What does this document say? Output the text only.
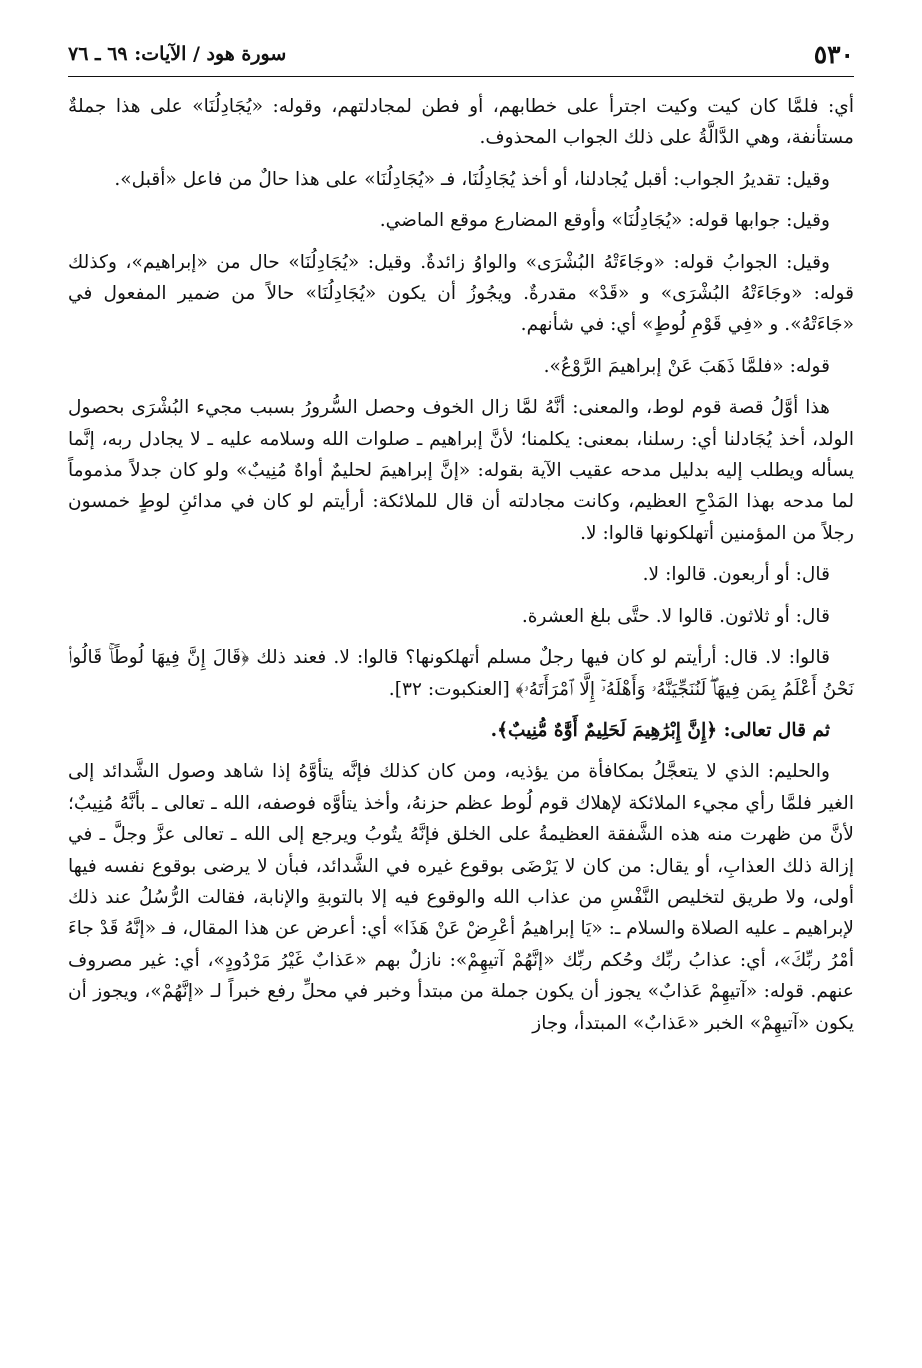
٥٣٠
سورة هود / الآيات: ٦٩ ـ ٧٦

أي: فلمَّا كان كيت وكيت اجترأ على خطابهم، أو فطن لمجادلتهم، وقوله: «يُجَادِلُنَا» على هذا جملةٌ مستأنفة، وهي الدَّالَّةُ على ذلك الجواب المحذوف.

وقيل: تقديرُ الجواب: أقبل يُجادلنا، أو أخذ يُجَادِلُنَا، فـ «يُجَادِلُنَا» على هذا حالٌ من فاعل «أقبل».

وقيل: جوابها قوله: «يُجَادِلُنَا» وأوقع المضارع موقع الماضي.

وقيل: الجوابُ قوله: «وجَاءَتْهُ البُشْرَى» والواوُ زائدةٌ. وقيل: «يُجَادِلُنَا» حال من «إبراهيم»، وكذلك قوله: «وجَاءَتْهُ البُشْرَى» و «قَدْ» مقدرةٌ. ويجُوزُ أن يكون «يُجَادِلُنَا» حالاً من ضمير المفعول في «جَاءَتْهُ». و «فِي قَوْمِ لُوطٍ» أي: في شأنهم.

قوله: «فلمَّا ذَهَبَ عَنْ إبراهيمَ الرَّوْعُ».

هذا أوَّلُ قصة قوم لوط، والمعنى: أنَّهُ لمَّا زال الخوف وحصل السُّرورُ بسبب مجيء البُشْرَى بحصول الولد، أخذ يُجَادلنا أي: رسلنا، بمعنى: يكلمنا؛ لأنَّ إبراهيم ـ صلوات الله وسلامه عليه ـ لا يجادل ربه، إنَّما يسأله ويطلب إليه بدليل مدحه عقيب الآية بقوله: «إنَّ إبراهيمَ لحليمٌ أواهٌ مُنِيبٌ» ولو كان جدلاً مذموماً لما مدحه بهذا المَدْحِ العظيم، وكانت مجادلته أن قال للملائكة: أرأيتم لو كان في مدائنِ لوطٍ خمسون رجلاً من المؤمنين أتهلكونها قالوا: لا.

قال: أو أربعون. قالوا: لا.

قال: أو ثلاثون. قالوا لا. حتَّى بلغ العشرة.

قالوا: لا. قال: أرأيتم لو كان فيها رجلٌ مسلم أتهلكونها؟ قالوا: لا. فعند ذلك ﴿قَالَ إِنَّ فِيهَا لُوطًاۚ قَالُوا۟ نَحْنُ أَعْلَمُ بِمَن فِيهَاۖ لَنُنَجِّيَنَّهُۥ وَأَهْلَهُۥٓ إِلَّا ٱمْرَأَتَهُۥ﴾ [العنكبوت: ٣٢].

ثم قال تعالى: ﴿إِنَّ إِبْرَٰهِيمَ لَحَلِيمٌ أَوَّٰهٌ مُّنِيبٌ﴾.

والحليم: الذي لا يتعجَّلُ بمكافأة من يؤذيه، ومن كان كذلك فإنَّه يتأوَّهُ إذا شاهد وصول الشَّدائد إلى الغير فلمَّا رأي مجيء الملائكة لإهلاك قوم لُوط عظم حزنهُ، وأخذ يتأوَّه فوصفه، الله ـ تعالى ـ بأنَّهُ مُنِيبٌ؛ لأنَّ من ظهرت منه هذه الشَّفقة العظيمةُ على الخلق فإنَّهُ يتُوبُ ويرجع إلى الله ـ تعالى عزَّ وجلَّ ـ في إزالة ذلك العذابِ، أو يقال: من كان لا يَرْضَى بوقوع غيره في الشَّدائد، فبأن لا يرضى بوقوع نفسه فيها أولى، ولا طريق لتخليص النَّفْسِ من عذاب الله والوقوع فيه إلا بالتوبةِ والإنابة، فقالت الرُّسُلُ عند ذلك لإبراهيم ـ عليه الصلاة والسلام ـ: «يَا إبراهيمُ أعْرِضْ عَنْ هَذَا» أي: أعرض عن هذا المقال، فـ «إنَّهُ قَدْ جاءَ أمْرُ ربِّكَ»، أي: عذابُ ربِّك وحُكم ربِّك «إنَّهُمْ آتيهِمْ»: نازلٌ بهم «عَذابٌ غَيْرُ مَرْدُودٍ»، أي: غير مصروف عنهم. قوله: «آتيهِمْ عَذابٌ» يجوز أن يكون جملة من مبتدأ وخبر في محلِّ رفع خبراً لـ «إنَّهُمْ»، ويجوز أن يكون «آتيهِمْ» الخبر «عَذابٌ» المبتدأ، وجاز
